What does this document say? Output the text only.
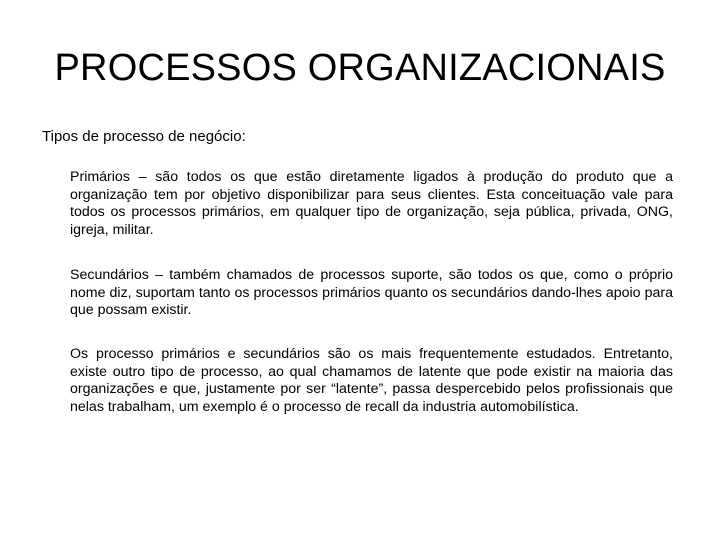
PROCESSOS ORGANIZACIONAIS
Tipos de processo de negócio:
Primários – são todos os que estão diretamente ligados à produção do produto que a organização tem por objetivo disponibilizar para seus clientes. Esta conceituação vale para todos os processos primários, em qualquer tipo de organização, seja pública, privada, ONG, igreja, militar.
Secundários – também chamados de processos suporte, são todos os que, como o próprio nome diz, suportam tanto os processos primários quanto os secundários dando-lhes apoio para que possam existir.
Os processo primários e secundários são os mais frequentemente estudados. Entretanto, existe outro tipo de processo, ao qual chamamos de latente que pode existir na maioria das organizações e que, justamente por ser “latente”, passa despercebido pelos profissionais que nelas trabalham, um exemplo é o processo de recall da industria automobilística.
